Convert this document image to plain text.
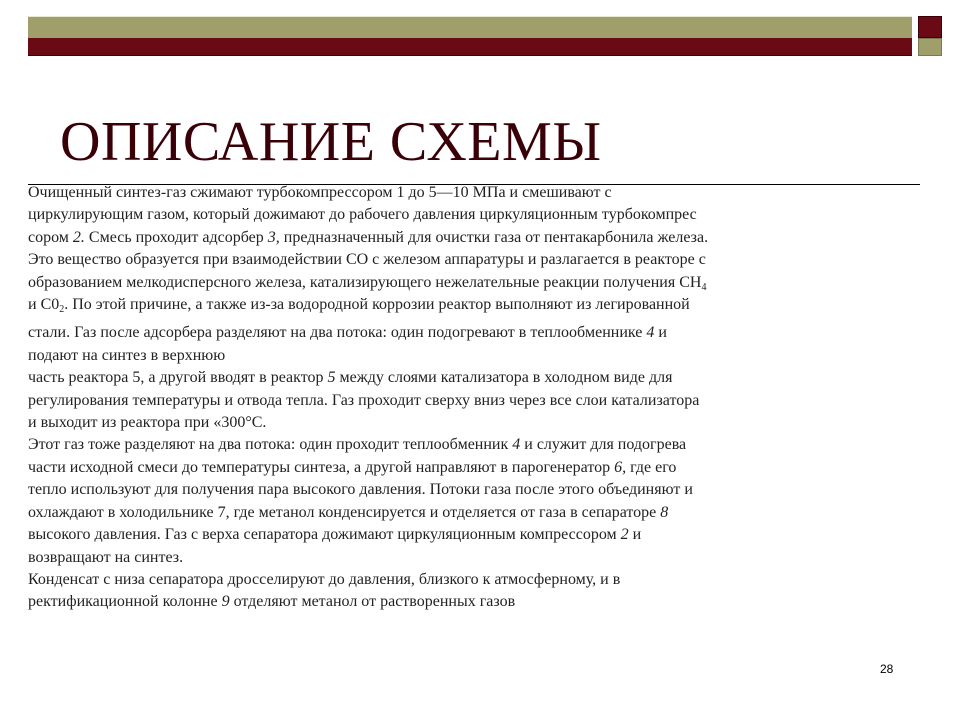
ОПИСАНИЕ СХЕМЫ

Очищенный синтез-газ сжимают турбокомпрессором 1 до 5—10 МПа и смешивают с

циркулирующим газом, который дожимают до рабочего давления циркуляционным турбокомпрес

сором 2. Смесь проходит адсорбер 3, предназначенный для очистки газа от пентакарбонила железа.

Это вещество образуется при взаимодействии СО с железом аппаратуры и разлагается в реакторе с

образованием мелкодисперсного железа, катализирующего нежелательные реакции получения $СН_4$

и $С0_2$. По этой причине, а также из-за водородной коррозии реактор выполняют из легированной

стали. Газ после адсорбера разделяют на два потока: один подогревают в теплообменнике 4 и

подают на синтез в верхнюю

часть реактора 5, а другой вводят в реактор 5 между слоями катализатора в холодном виде для

регулирования температуры и отвода тепла. Газ проходит сверху вниз через все слои катализатора

и выходит из реактора при «300°С.

Этот газ тоже разделяют на два потока: один проходит теплообменник 4 и служит для подогрева

части исходной смеси до температуры синтеза, а другой направляют в парогенератор 6, где его

тепло используют для получения пара высокого давления. Потоки газа после этого объединяют и

охлаждают в холодильнике 7, где метанол конденсируется и отделяется от газа в сепараторе 8

высокого давления. Газ с верха сепаратора дожимают циркуляционным компрессором 2 и

возвращают на синтез.

Конденсат с низа сепаратора дросселируют до давления, близкого к атмосферному, и в

ректификационной колонне 9 отделяют метанол от растворенных газов

28
